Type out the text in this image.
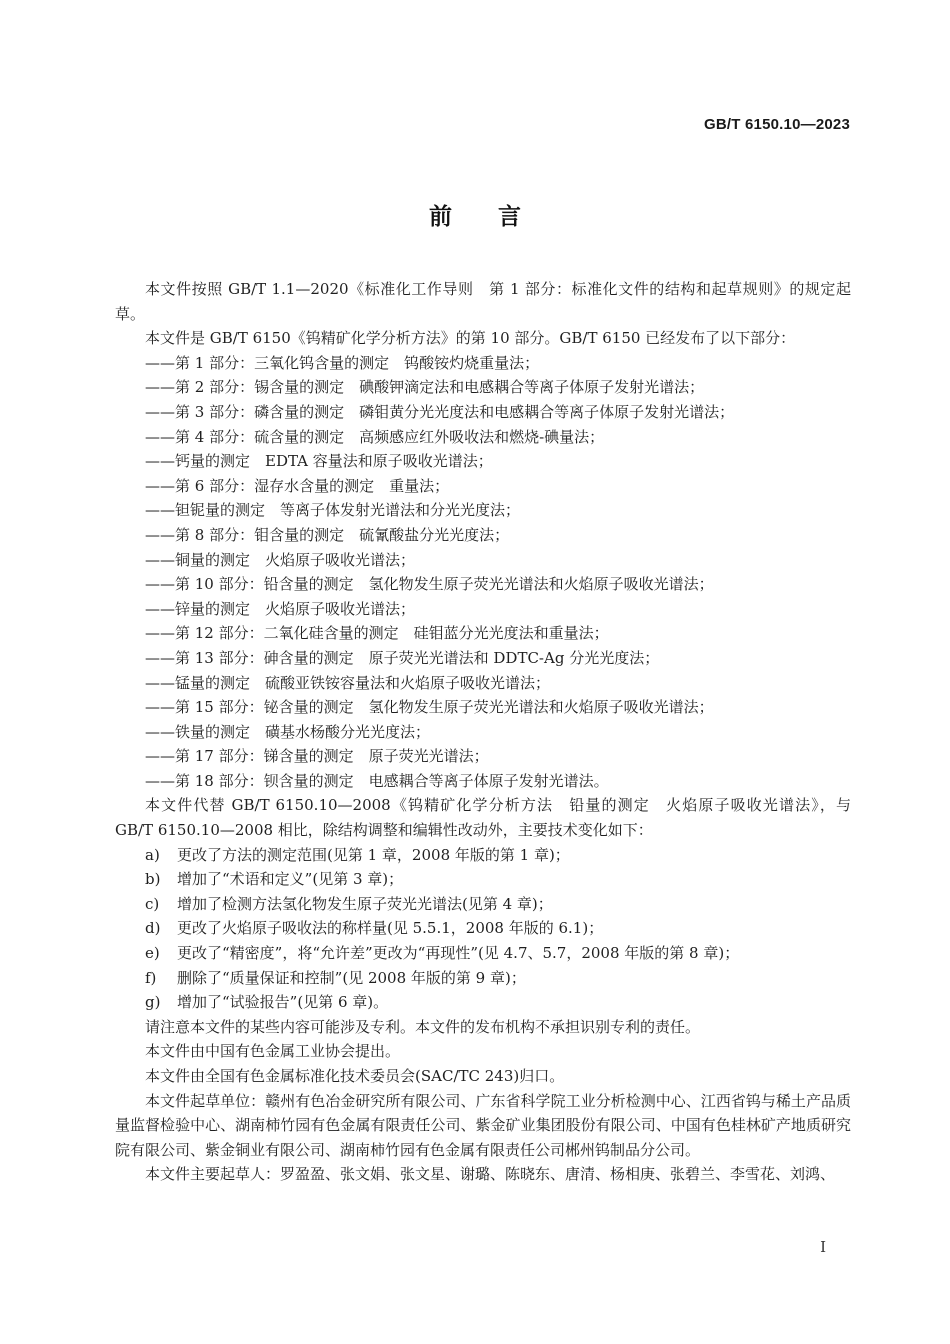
GB/T 6150.10—2023
前 言

本文件按照 GB/T 1.1—2020《标准化工作导则　第 1 部分：标准化文件的结构和起草规则》的规定起草。

本文件是 GB/T 6150《钨精矿化学分析方法》的第 10 部分。GB/T 6150 已经发布了以下部分：

——第 1 部分：三氧化钨含量的测定　钨酸铵灼烧重量法；
——第 2 部分：锡含量的测定　碘酸钾滴定法和电感耦合等离子体原子发射光谱法；
——第 3 部分：磷含量的测定　磷钼黄分光光度法和电感耦合等离子体原子发射光谱法；
——第 4 部分：硫含量的测定　高频感应红外吸收法和燃烧-碘量法；
——钙量的测定　EDTA 容量法和原子吸收光谱法；
——第 6 部分：湿存水含量的测定　重量法；
——钽铌量的测定　等离子体发射光谱法和分光光度法；
——第 8 部分：钼含量的测定　硫氰酸盐分光光度法；
——铜量的测定　火焰原子吸收光谱法；
——第 10 部分：铅含量的测定　氢化物发生原子荧光光谱法和火焰原子吸收光谱法；
——锌量的测定　火焰原子吸收光谱法；
——第 12 部分：二氧化硅含量的测定　硅钼蓝分光光度法和重量法；
——第 13 部分：砷含量的测定　原子荧光光谱法和 DDTC-Ag 分光光度法；
——锰量的测定　硫酸亚铁铵容量法和火焰原子吸收光谱法；
——第 15 部分：铋含量的测定　氢化物发生原子荧光光谱法和火焰原子吸收光谱法；
——铁量的测定　磺基水杨酸分光光度法；
——第 17 部分：锑含量的测定　原子荧光光谱法；
——第 18 部分：钡含量的测定　电感耦合等离子体原子发射光谱法。

本文件代替 GB/T 6150.10—2008《钨精矿化学分析方法　铅量的测定　火焰原子吸收光谱法》，与 GB/T 6150.10—2008 相比，除结构调整和编辑性改动外，主要技术变化如下：

a) 更改了方法的测定范围(见第 1 章，2008 年版的第 1 章)；
b) 增加了“术语和定义”(见第 3 章)；
c) 增加了检测方法氢化物发生原子荧光光谱法(见第 4 章)；
d) 更改了火焰原子吸收法的称样量(见 5.5.1，2008 年版的 6.1)；
e) 更改了“精密度”，将“允许差”更改为“再现性”(见 4.7、5.7，2008 年版的第 8 章)；
f) 删除了“质量保证和控制”(见 2008 年版的第 9 章)；
g) 增加了“试验报告”(见第 6 章)。

请注意本文件的某些内容可能涉及专利。本文件的发布机构不承担识别专利的责任。

本文件由中国有色金属工业协会提出。

本文件由全国有色金属标准化技术委员会(SAC/TC 243)归口。

本文件起草单位：赣州有色冶金研究所有限公司、广东省科学院工业分析检测中心、江西省钨与稀土产品质量监督检验中心、湖南柿竹园有色金属有限责任公司、紫金矿业集团股份有限公司、中国有色桂林矿产地质研究院有限公司、紫金铜业有限公司、湖南柿竹园有色金属有限责任公司郴州钨制品分公司。

本文件主要起草人：罗盈盈、张文娟、张文星、谢璐、陈晓东、唐清、杨相庚、张碧兰、李雪花、刘鸿、

I
